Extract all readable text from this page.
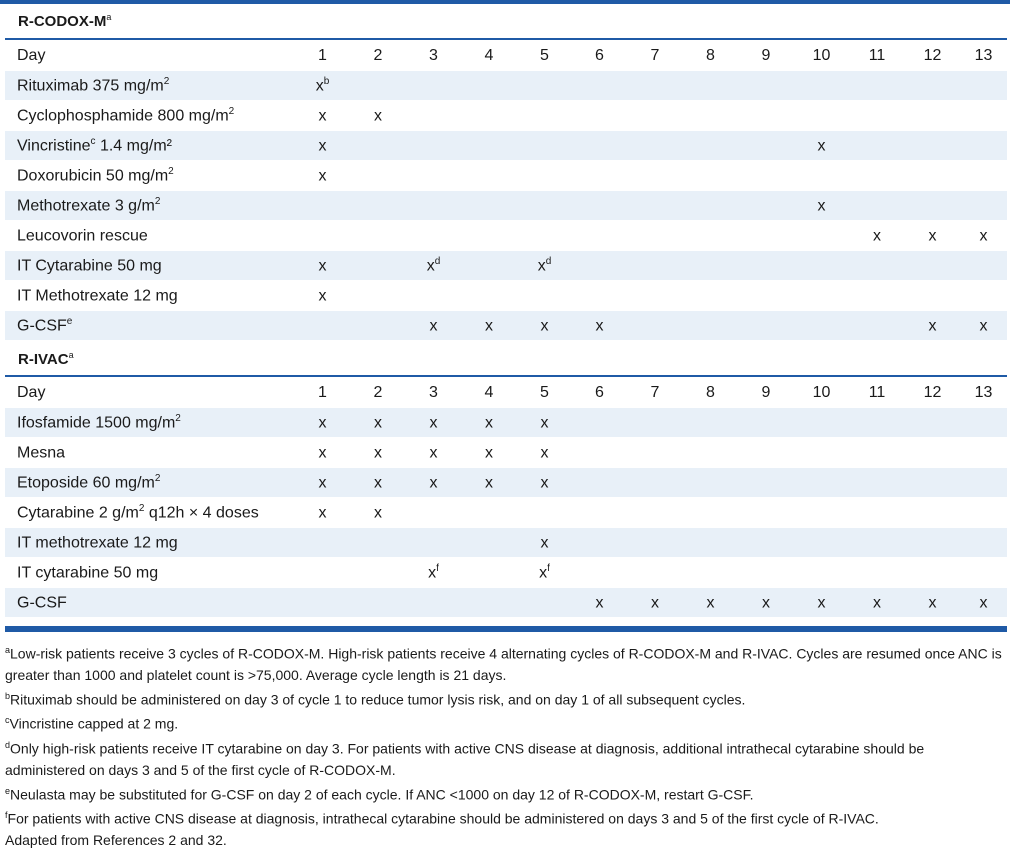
$R-CODOX-M^a$
Day	1	2	3	4	5	6	7	8	9	10	11	12	13
Rituximab 375 $mg/m^2$	$x^b$												
Cyclophosphamide 800 $mg/m^2$	x	x											
Vincristine$^c$ 1.4 mg/m²	x									x			
Doxorubicin 50 $mg/m^2$	x												
Methotrexate 3 $g/m^2$										x			
Leucovorin rescue											x	x	x
IT Cytarabine 50 mg	x		$x^d$		$x^d$								
IT Methotrexate 12 mg	x												
G-CSF$^e$			x	x	x	x						x	x
R-IVAC$^a$
Day	1	2	3	4	5	6	7	8	9	10	11	12	13
Ifosfamide 1500 $mg/m^2$	x	x	x	x	x								
Mesna	x	x	x	x	x								
Etoposide 60 $mg/m^2$	x	x	x	x	x								
Cytarabine 2 $g/m^2$ q12h × 4 doses	x	x											
IT methotrexate 12 mg					x								
IT cytarabine 50 mg			$x^f$		$x^f$								
G-CSF						x	x	x	x	x	x	x	x

$^a$Low-risk patients receive 3 cycles of R-CODOX-M. High-risk patients receive 4 alternating cycles of R-CODOX-M and R-IVAC. Cycles are resumed once ANC is greater than 1000 and platelet count is >75,000. Average cycle length is 21 days.

$^b$Rituximab should be administered on day 3 of cycle 1 to reduce tumor lysis risk, and on day 1 of all subsequent cycles.

$^c$Vincristine capped at 2 mg.

$^d$Only high-risk patients receive IT cytarabine on day 3. For patients with active CNS disease at diagnosis, additional intrathecal cytarabine should be administered on days 3 and 5 of the first cycle of R-CODOX-M.

$^e$Neulasta may be substituted for G-CSF on day 2 of each cycle. If ANC <1000 on day 12 of R-CODOX-M, restart G-CSF.

$^f$For patients with active CNS disease at diagnosis, intrathecal cytarabine should be administered on days 3 and 5 of the first cycle of R-IVAC.

Adapted from References 2 and 32.
